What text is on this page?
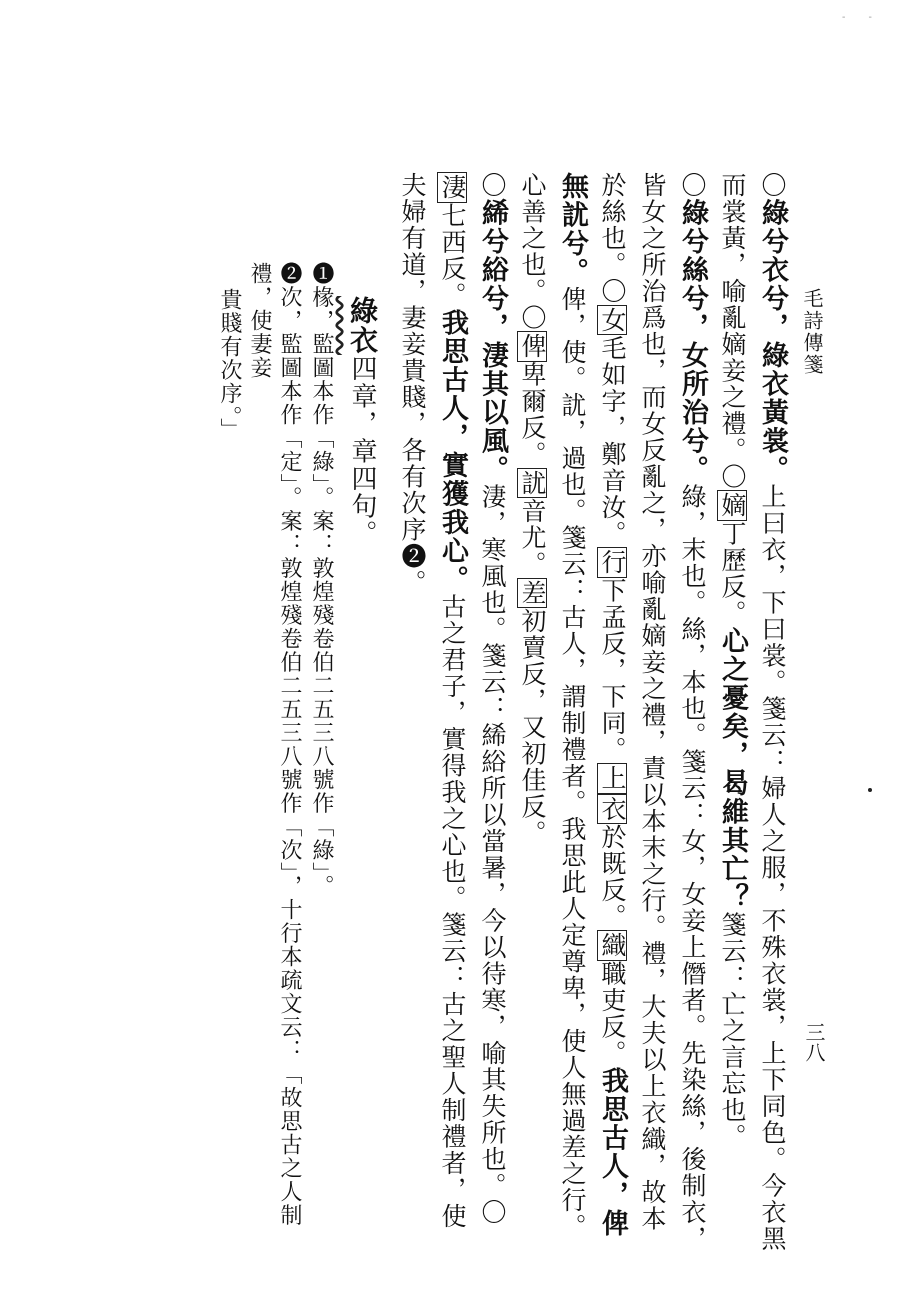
- -
毛詩傳箋
三八
〇綠兮衣兮，綠衣黃裳。上曰衣，下曰裳。箋云：婦人之服，不殊衣裳，上下同色。今衣黑而裳黃，喻亂嫡妾之禮。〇嫡丁歷反。心之憂矣，曷維其亡？箋云：亡之言忘也。
〇綠兮絲兮，女所治兮。綠，末也。絲，本也。箋云：女，女妾上僭者。先染絲，後制衣，皆女之所治爲也，而女反亂之，亦喻亂嫡妾之禮，責以本末之行。禮，大夫以上衣織，故本於絲也。〇女毛如字，鄭音汝。行下孟反，下同。上衣於既反。織職吏反。我思古人，俾無訧兮。俾，使。訧，過也。箋云：古人，謂制禮者。我思此人定尊卑，使人無過差之行。心善之也。〇俾卑爾反。訧音尤。差初賣反，又初佳反。
〇絺兮綌兮，淒其以風。淒，寒風也。箋云：絺綌所以當暑，今以待寒，喻其失所也。〇淒七西反。我思古人，實獲我心。古之君子，實得我之心也。箋云：古之聖人制禮者，使夫婦有道，妻妾貴賤，各有次序❷。
綠衣四章，章四句。
❶椽，監圖本作「綠」。案：敦煌殘卷伯二五三八號作「綠」。
❷次，監圖本作「定」。案：敦煌殘卷伯二五三八號作「次」，十行本疏文云：「故思古之人制禮，使妻妾
貴賤有次序。」
